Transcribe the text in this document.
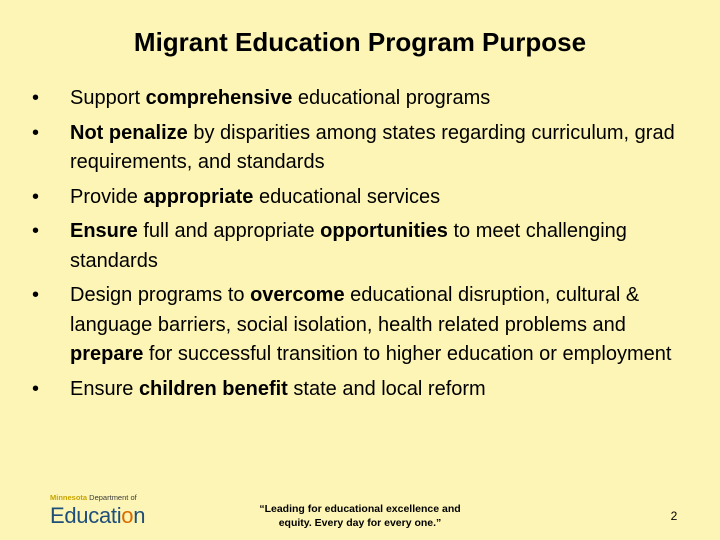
Migrant Education Program Purpose
•	Support comprehensive educational programs
•	Not penalize by disparities among states regarding curriculum, grad requirements, and standards
•	Provide appropriate educational services
•	Ensure full and appropriate opportunities to meet challenging standards
•	Design programs to overcome educational disruption, cultural & language barriers, social isolation, health related problems and prepare for successful transition to higher education or employment
•	Ensure children benefit state and local reform
Minnesota Department of
Education	“Leading for educational excellence and equity. Every day for every one.”	2
